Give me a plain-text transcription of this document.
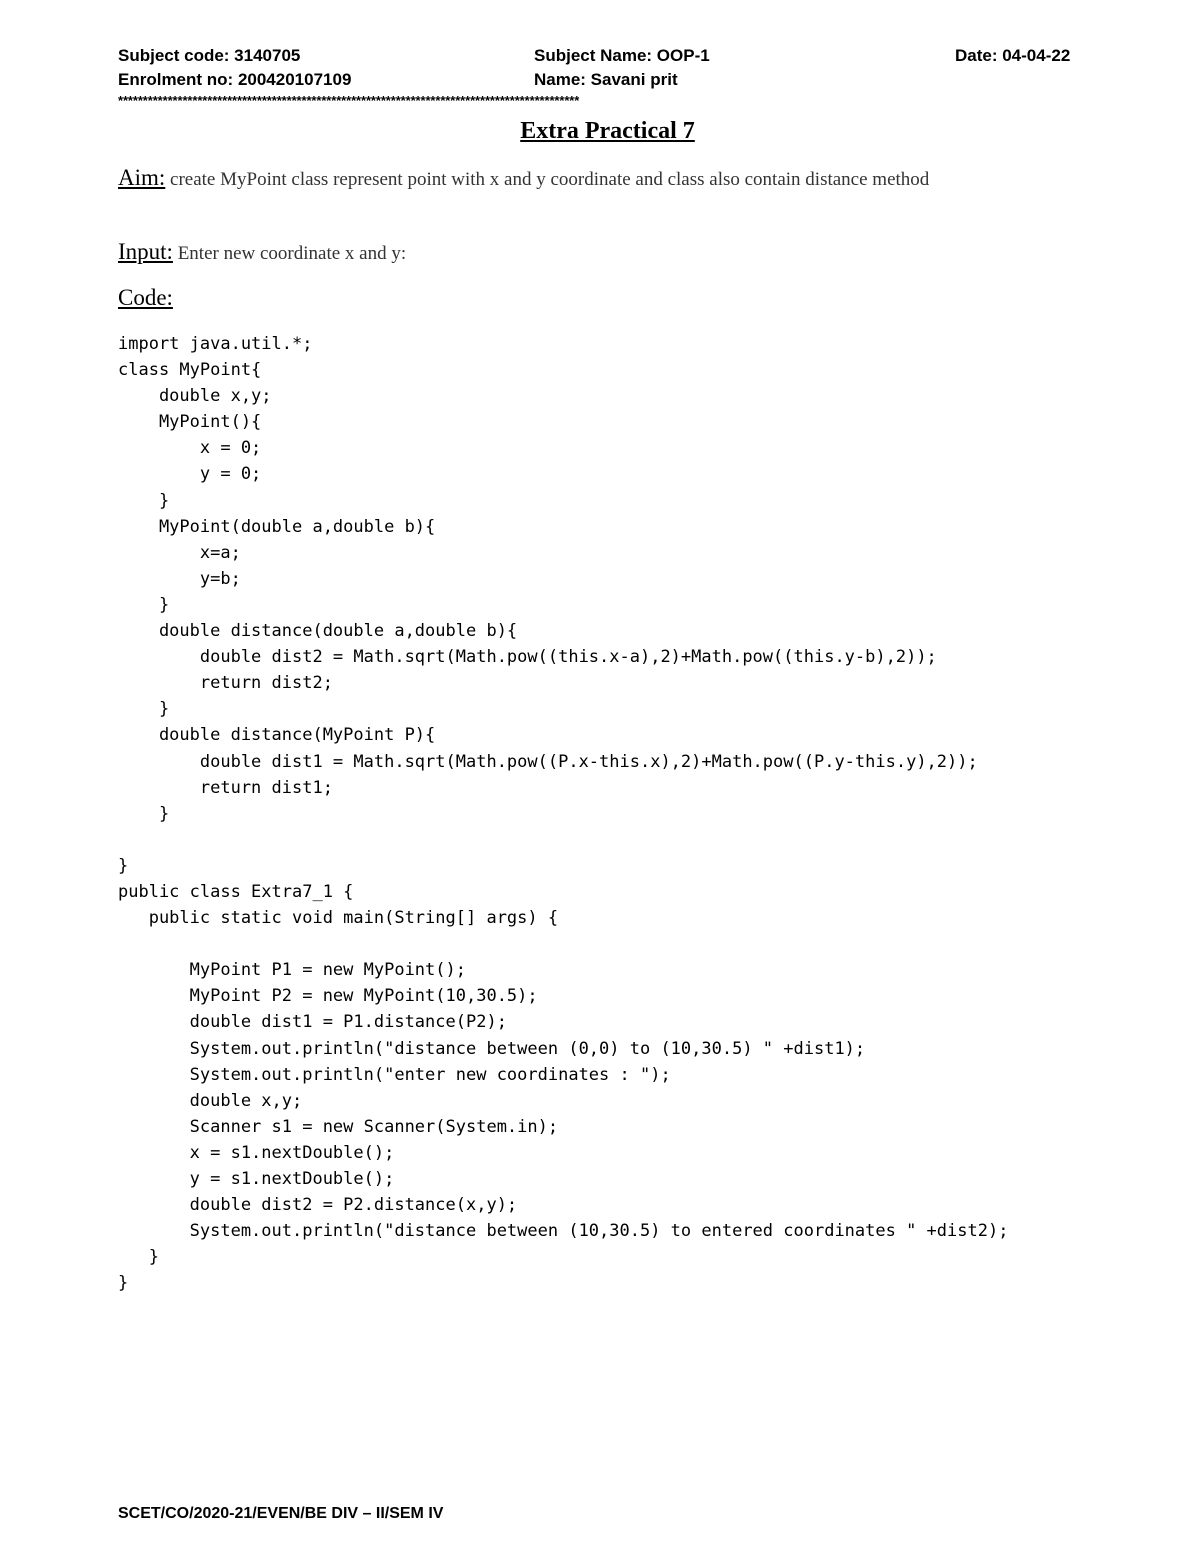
Subject code: 3140705	Subject Name: OOP-1	Date: 04-04-22
Enrolment no: 200420107109	Name: Savani prit
*********************************************************************************************
Extra Practical 7
Aim: create MyPoint class represent point with x and y coordinate and class also contain distance method
Input: Enter new coordinate x and y:
Code:
import java.util.*;
class MyPoint{
double x,y;
MyPoint(){
x = 0;
y = 0;
}
MyPoint(double a,double b){
x=a;
y=b;
}
double distance(double a,double b){
double dist2 = Math.sqrt(Math.pow((this.x-a),2)+Math.pow((this.y-b),2));
return dist2;
}
double distance(MyPoint P){
double dist1 = Math.sqrt(Math.pow((P.x-this.x),2)+Math.pow((P.y-this.y),2));
return dist1;
}
}
public class Extra7_1 {
public static void main(String[] args) {
MyPoint P1 = new MyPoint();
MyPoint P2 = new MyPoint(10,30.5);
double dist1 = P1.distance(P2);
System.out.println("distance between (0,0) to (10,30.5) " +dist1);
System.out.println("enter new coordinates : ");
double x,y;
Scanner s1 = new Scanner(System.in);
x = s1.nextDouble();
y = s1.nextDouble();
double dist2 = P2.distance(x,y);
System.out.println("distance between (10,30.5) to entered coordinates " +dist2);
}
}
SCET/CO/2020-21/EVEN/BE DIV – II/SEM IV
